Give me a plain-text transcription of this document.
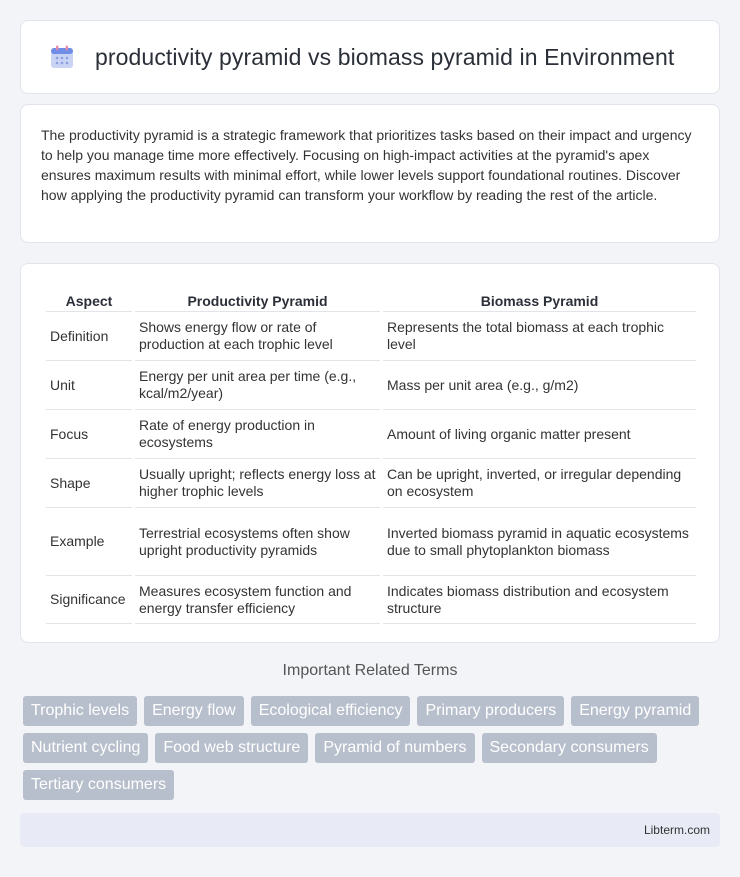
productivity pyramid vs biomass pyramid in Environment

The productivity pyramid is a strategic framework that prioritizes tasks based on their impact and urgency to help you manage time more effectively. Focusing on high-impact activities at the pyramid's apex ensures maximum results with minimal effort, while lower levels support foundational routines. Discover how applying the productivity pyramid can transform your workflow by reading the rest of the article.

Aspect	Productivity Pyramid	Biomass Pyramid
Definition	Shows energy flow or rate of production at each trophic level	Represents the total biomass at each trophic level
Unit	Energy per unit area per time (e.g., kcal/m2/year)	Mass per unit area (e.g., g/m2)
Focus	Rate of energy production in ecosystems	Amount of living organic matter present
Shape	Usually upright; reflects energy loss at higher trophic levels	Can be upright, inverted, or irregular depending on ecosystem
Example	Terrestrial ecosystems often show upright productivity pyramids	Inverted biomass pyramid in aquatic ecosystems due to small phytoplankton biomass
Significance	Measures ecosystem function and energy transfer efficiency	Indicates biomass distribution and ecosystem structure
Important Related Terms
Trophic levels	Energy flow	Ecological efficiency	Primary producers	Energy pyramid
Nutrient cycling	Food web structure	Pyramid of numbers	Secondary consumers
Tertiary consumers
Libterm.com
